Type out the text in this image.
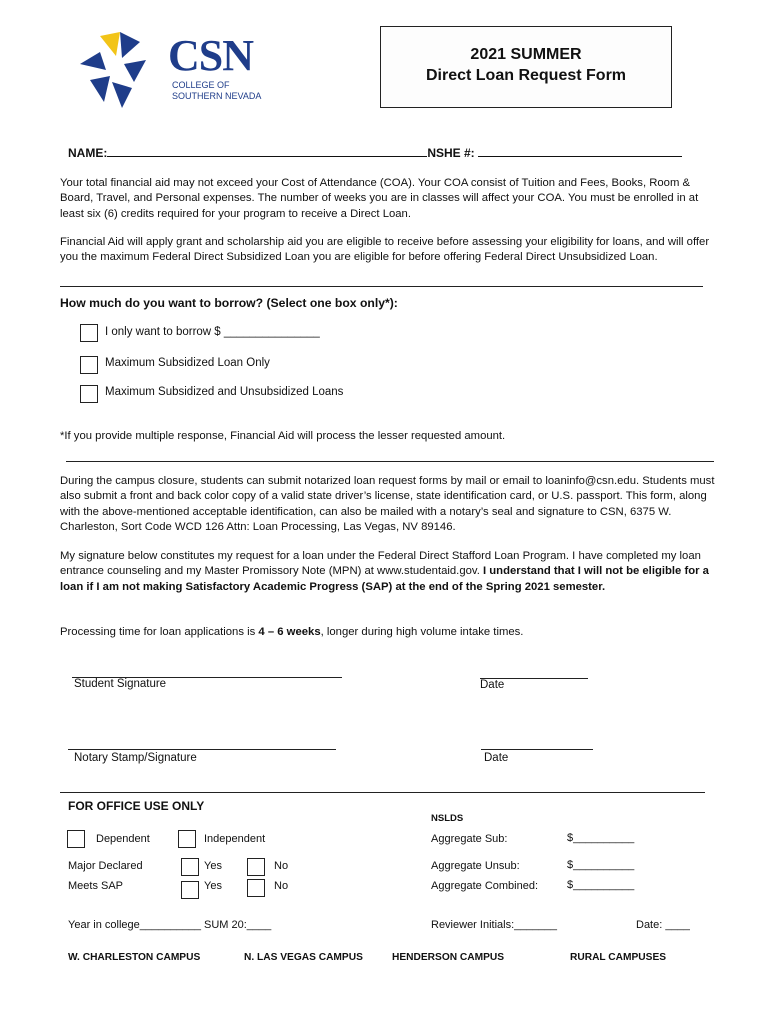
CSN
COLLEGE OF
SOUTHERN NEVADA
2021 SUMMER
Direct Loan Request Form
NAME:	NSHE #:
Your total financial aid may not exceed your Cost of Attendance (COA). Your COA consist of Tuition and Fees, Books, Room & Board, Travel, and Personal expenses. The number of weeks you are in classes will affect your COA. You must be enrolled in at least six (6) credits required for your program to receive a Direct Loan.
Financial Aid will apply grant and scholarship aid you are eligible to receive before assessing your eligibility for loans, and will offer you the maximum Federal Direct Subsidized Loan you are eligible for before offering Federal Direct Unsubsidized Loan.
How much do you want to borrow? (Select one box only*):
I only want to borrow $ _______________
Maximum Subsidized Loan Only
Maximum Subsidized and Unsubsidized Loans
*If you provide multiple response, Financial Aid will process the lesser requested amount.
During the campus closure, students can submit notarized loan request forms by mail or email to loaninfo@csn.edu. Students must also submit a front and back color copy of a valid state driver’s license, state identification card, or U.S. passport. This form, along with the above-mentioned acceptable identification, can also be mailed with a notary’s seal and signature to CSN, 6375 W. Charleston, Sort Code WCD 126 Attn: Loan Processing, Las Vegas, NV 89146.
My signature below constitutes my request for a loan under the Federal Direct Stafford Loan Program. I have completed my loan entrance counseling and my Master Promissory Note (MPN) at www.studentaid.gov. I understand that I will not be eligible for a loan if I am not making Satisfactory Academic Progress (SAP) at the end of the Spring 2021 semester.
Processing time for loan applications is 4 – 6 weeks, longer during high volume intake times.
Student Signature	Date
Notary Stamp/Signature	Date
FOR OFFICE USE ONLY
NSLDS
Dependent	Independent
Major Declared	Yes	No
Meets SAP	Yes	No
Aggregate Sub:	$__________
Aggregate Unsub:	$__________
Aggregate Combined:	$__________
Year in college__________ SUM 20:____	Reviewer Initials:_______	Date: ____
W. CHARLESTON CAMPUS	N. LAS VEGAS CAMPUS	HENDERSON CAMPUS	RURAL CAMPUSES
